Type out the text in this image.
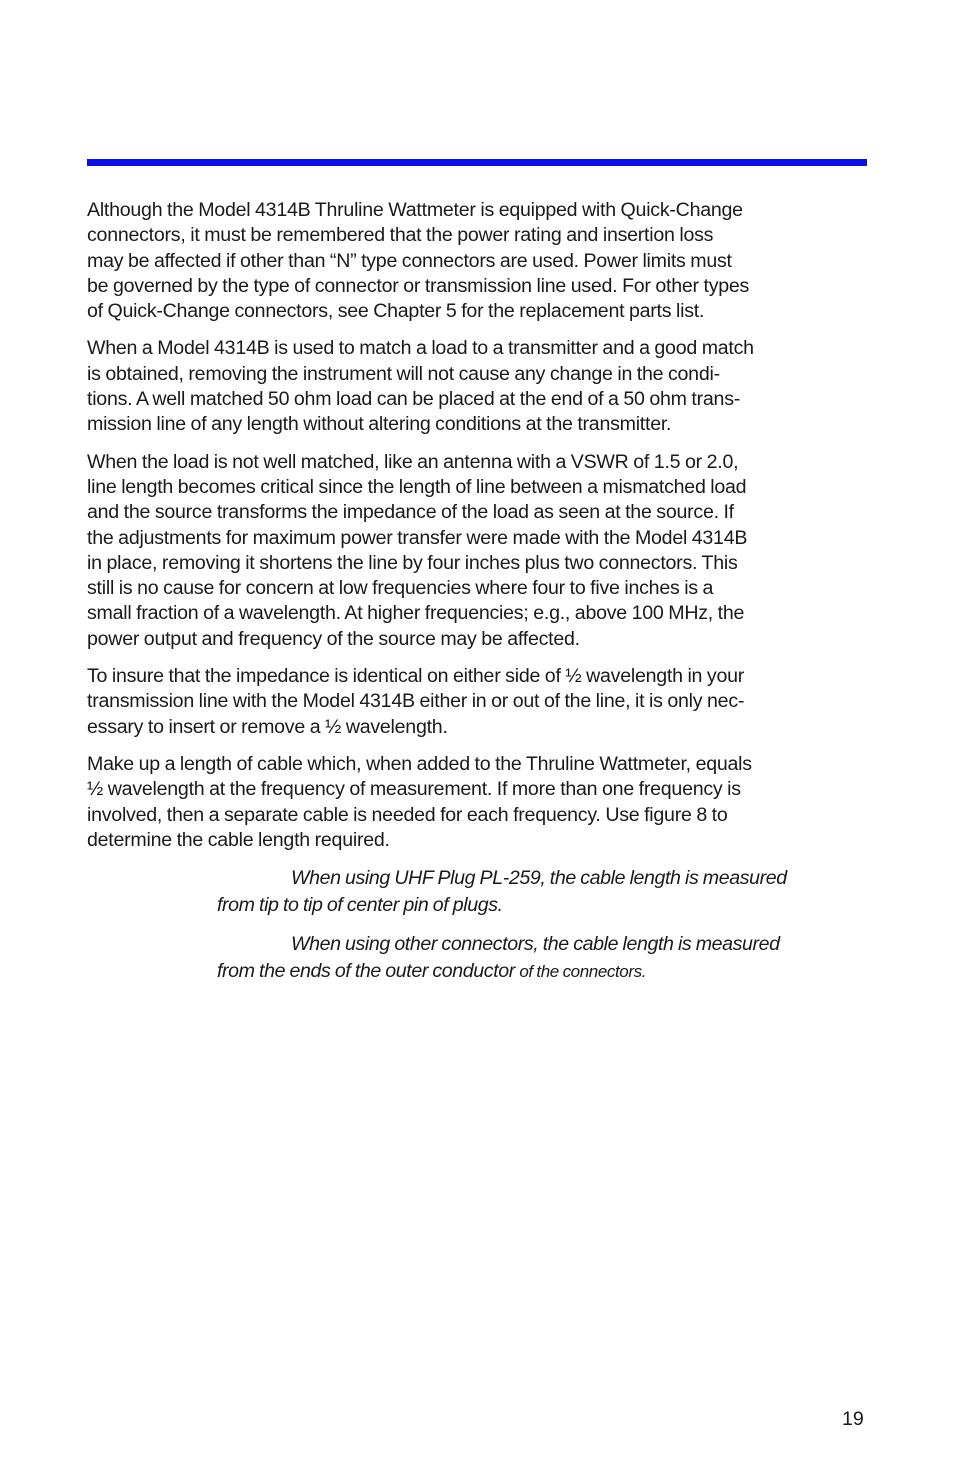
Although the Model 4314B Thruline Wattmeter is equipped with Quick-Change
connectors, it must be remembered that the power rating and insertion loss
may be affected if other than “N” type connectors are used. Power limits must
be governed by the type of connector or transmission line used. For other types
of Quick-Change connectors, see Chapter 5 for the replacement parts list.

When a Model 4314B is used to match a load to a transmitter and a good match
is obtained, removing the instrument will not cause any change in the condi-
tions. A well matched 50 ohm load can be placed at the end of a 50 ohm trans-
mission line of any length without altering conditions at the transmitter.

When the load is not well matched, like an antenna with a VSWR of 1.5 or 2.0,
line length becomes critical since the length of line between a mismatched load
and the source transforms the impedance of the load as seen at the source. If
the adjustments for maximum power transfer were made with the Model 4314B
in place, removing it shortens the line by four inches plus two connectors. This
still is no cause for concern at low frequencies where four to five inches is a
small fraction of a wavelength. At higher frequencies; e.g., above 100 MHz, the
power output and frequency of the source may be affected.

To insure that the impedance is identical on either side of ½ wavelength in your
transmission line with the Model 4314B either in or out of the line, it is only nec-
essary to insert or remove a ½ wavelength.

Make up a length of cable which, when added to the Thruline Wattmeter, equals
½ wavelength at the frequency of measurement. If more than one frequency is
involved, then a separate cable is needed for each frequency. Use figure 8 to
determine the cable length required.

When using UHF Plug PL-259, the cable length is measured
from tip to tip of center pin of plugs.

When using other connectors, the cable length is measured
from the ends of the outer conductor of the connectors.

19
